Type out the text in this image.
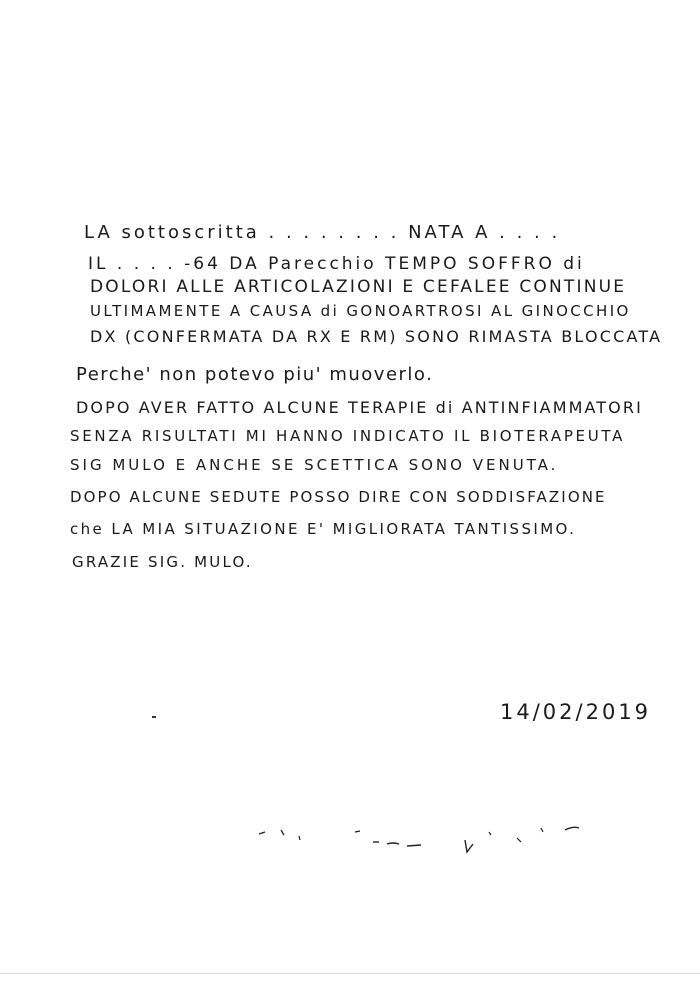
LA sottoscritta . . . . . . . . NATA A . . . .
IL . . . . -64 DA Parecchio TEMPO SOFFRO di
DOLORI ALLE ARTICOLAZIONI E CEFALEE CONTINUE
ULTIMAMENTE A CAUSA di GONOARTROSI AL GINOCCHIO
DX (CONFERMATA DA RX E RM) SONO RIMASTA BLOCCATA
Perche' non potevo piu' muoverlo.
DOPO AVER FATTO ALCUNE TERAPIE di ANTINFIAMMATORI
SENZA RISULTATI MI HANNO INDICATO IL BIOTERAPEUTA
SIG MULO E ANCHE SE SCETTICA SONO VENUTA.
DOPO ALCUNE SEDUTE POSSO DIRE CON SODDISFAZIONE
che LA MIA SITUAZIONE E' MIGLIORATA TANTISSIMO.
GRAZIE SIG. MULO.
14/02/2019
